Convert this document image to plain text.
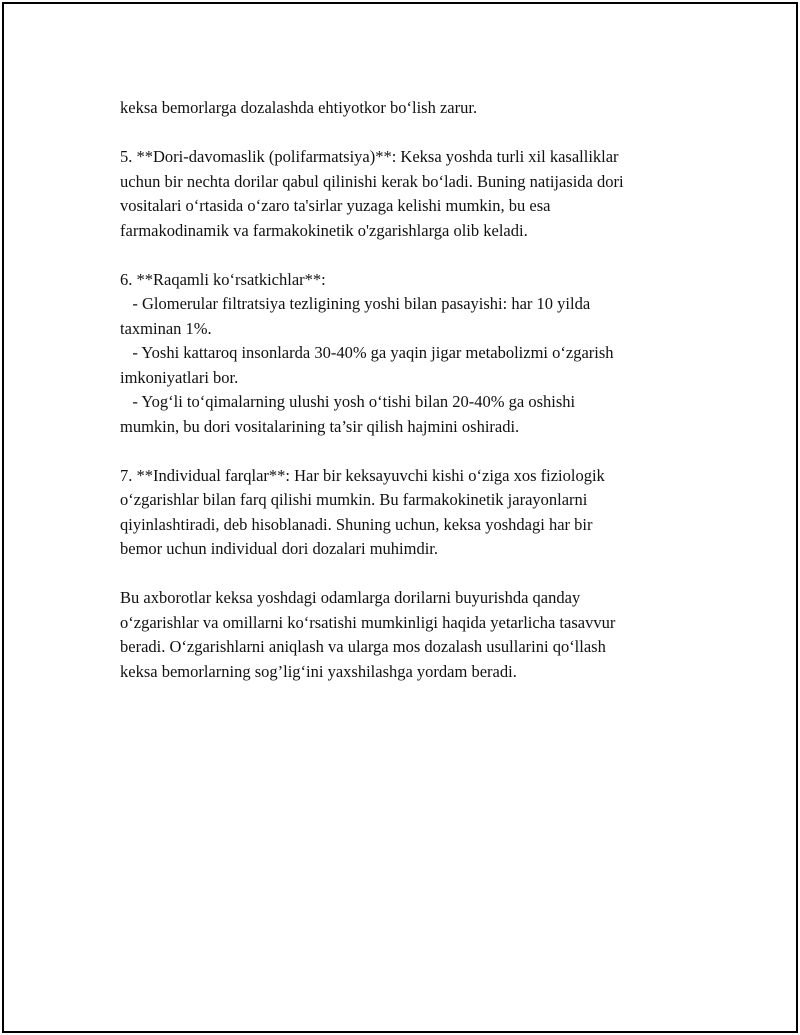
keksa bemorlarga dozalashda ehtiyotkor bo‘lish zarur.
5. **Dori-davomaslik (polifarmatsiya)**: Keksa yoshda turli xil kasalliklar
uchun bir nechta dorilar qabul qilinishi kerak bo‘ladi. Buning natijasida dori
vositalari o‘rtasida o‘zaro ta'sirlar yuzaga kelishi mumkin, bu esa
farmakodinamik va farmakokinetik o'zgarishlarga olib keladi.
6. **Raqamli ko‘rsatkichlar**:
- Glomerular filtratsiya tezligining yoshi bilan pasayishi: har 10 yilda
taxminan 1%.
- Yoshi kattaroq insonlarda 30-40% ga yaqin jigar metabolizmi o‘zgarish
imkoniyatlari bor.
- Yog‘li to‘qimalarning ulushi yosh o‘tishi bilan 20-40% ga oshishi
mumkin, bu dori vositalarining ta’sir qilish hajmini oshiradi.
7. **Individual farqlar**: Har bir keksayuvchi kishi o‘ziga xos fiziologik
o‘zgarishlar bilan farq qilishi mumkin. Bu farmakokinetik jarayonlarni
qiyinlashtiradi, deb hisoblanadi. Shuning uchun, keksa yoshdagi har bir
bemor uchun individual dori dozalari muhimdir.
Bu axborotlar keksa yoshdagi odamlarga dorilarni buyurishda qanday
o‘zgarishlar va omillarni ko‘rsatishi mumkinligi haqida yetarlicha tasavvur
beradi. O‘zgarishlarni aniqlash va ularga mos dozalash usullarini qo‘llash
keksa bemorlarning sog’lig‘ini yaxshilashga yordam beradi.
